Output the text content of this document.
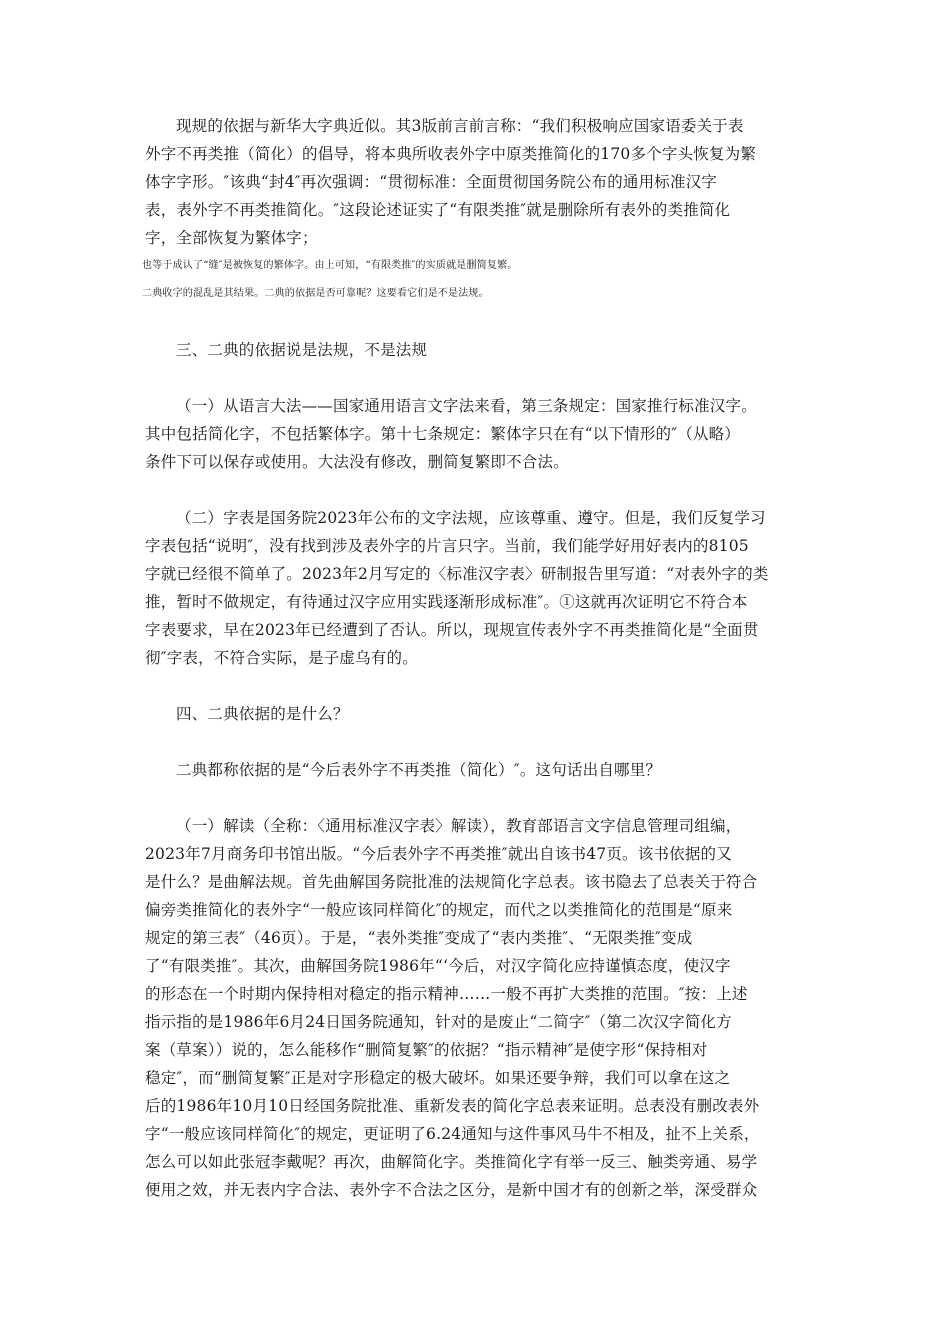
现规的依据与新华大字典近似。其3版前言前言称：“我们积极响应国家语委关于表
外字不再类推（简化）的倡导，将本典所收表外字中原类推简化的170多个字头恢复为繁
体字字形。″该典“封4″再次强调：“贯彻标准：全面贯彻国务院公布的通用标准汉字
表，表外字不再类推简化。″这段论述证实了“有限类推″就是删除所有表外的类推简化
字，全部恢复为繁体字；
也等于成认了“缝″是被恢复的繁体字。由上可知，“有限类推″的实质就是删简复繁。
二典收字的混乱是其结果。二典的依据是否可靠呢？这要看它们是不是法规。
三、二典的依据说是法规，不是法规
（一）从语言大法——国家通用语言文字法来看，第三条规定：国家推行标准汉字。
其中包括简化字，不包括繁体字。第十七条规定：繁体字只在有“以下情形的″（从略）
条件下可以保存或使用。大法没有修改，删简复繁即不合法。
（二）字表是国务院2023年公布的文字法规，应该尊重、遵守。但是，我们反复学习
字表包括“说明″，没有找到涉及表外字的片言只字。当前，我们能学好用好表内的8105
字就已经很不简单了。2023年2月写定的〈标准汉字表〉研制报告里写道：“对表外字的类
推，暂时不做规定，有待通过汉字应用实践逐渐形成标准″。①这就再次证明它不符合本
字表要求，早在2023年已经遭到了否认。所以，现规宣传表外字不再类推简化是“全面贯
彻″字表，不符合实际，是子虚乌有的。
四、二典依据的是什么？
二典都称依据的是“今后表外字不再类推（简化）″。这句话出自哪里？
（一）解读（全称：〈通用标准汉字表〉解读），教育部语言文字信息管理司组编，
2023年7月商务印书馆出版。“今后表外字不再类推″就出自该书47页。该书依据的又
是什么？是曲解法规。首先曲解国务院批准的法规简化字总表。该书隐去了总表关于符合
偏旁类推简化的表外字“一般应该同样简化″的规定，而代之以类推简化的范围是“原来
规定的第三表″（46页）。于是，“表外类推″变成了“表内类推″、“无限类推″变成
了“有限类推″。其次，曲解国务院1986年“‘今后，对汉字简化应持谨慎态度，使汉字
的形态在一个时期内保持相对稳定的指示精神……一般不再扩大类推的范围。″按：上述
指示指的是1986年6月24日国务院通知，针对的是废止“二简字″（第二次汉字简化方
案（草案））说的，怎么能移作“删简复繁″的依据？“指示精神″是使字形“保持相对
稳定″，而“删简复繁″正是对字形稳定的极大破坏。如果还要争辩，我们可以拿在这之
后的1986年10月10日经国务院批准、重新发表的简化字总表来证明。总表没有删改表外
字“一般应该同样简化″的规定，更证明了6.24通知与这件事风马牛不相及，扯不上关系，
怎么可以如此张冠李戴呢？再次，曲解简化字。类推简化字有举一反三、触类旁通、易学
便用之效，并无表内字合法、表外字不合法之区分，是新中国才有的创新之举，深受群众
